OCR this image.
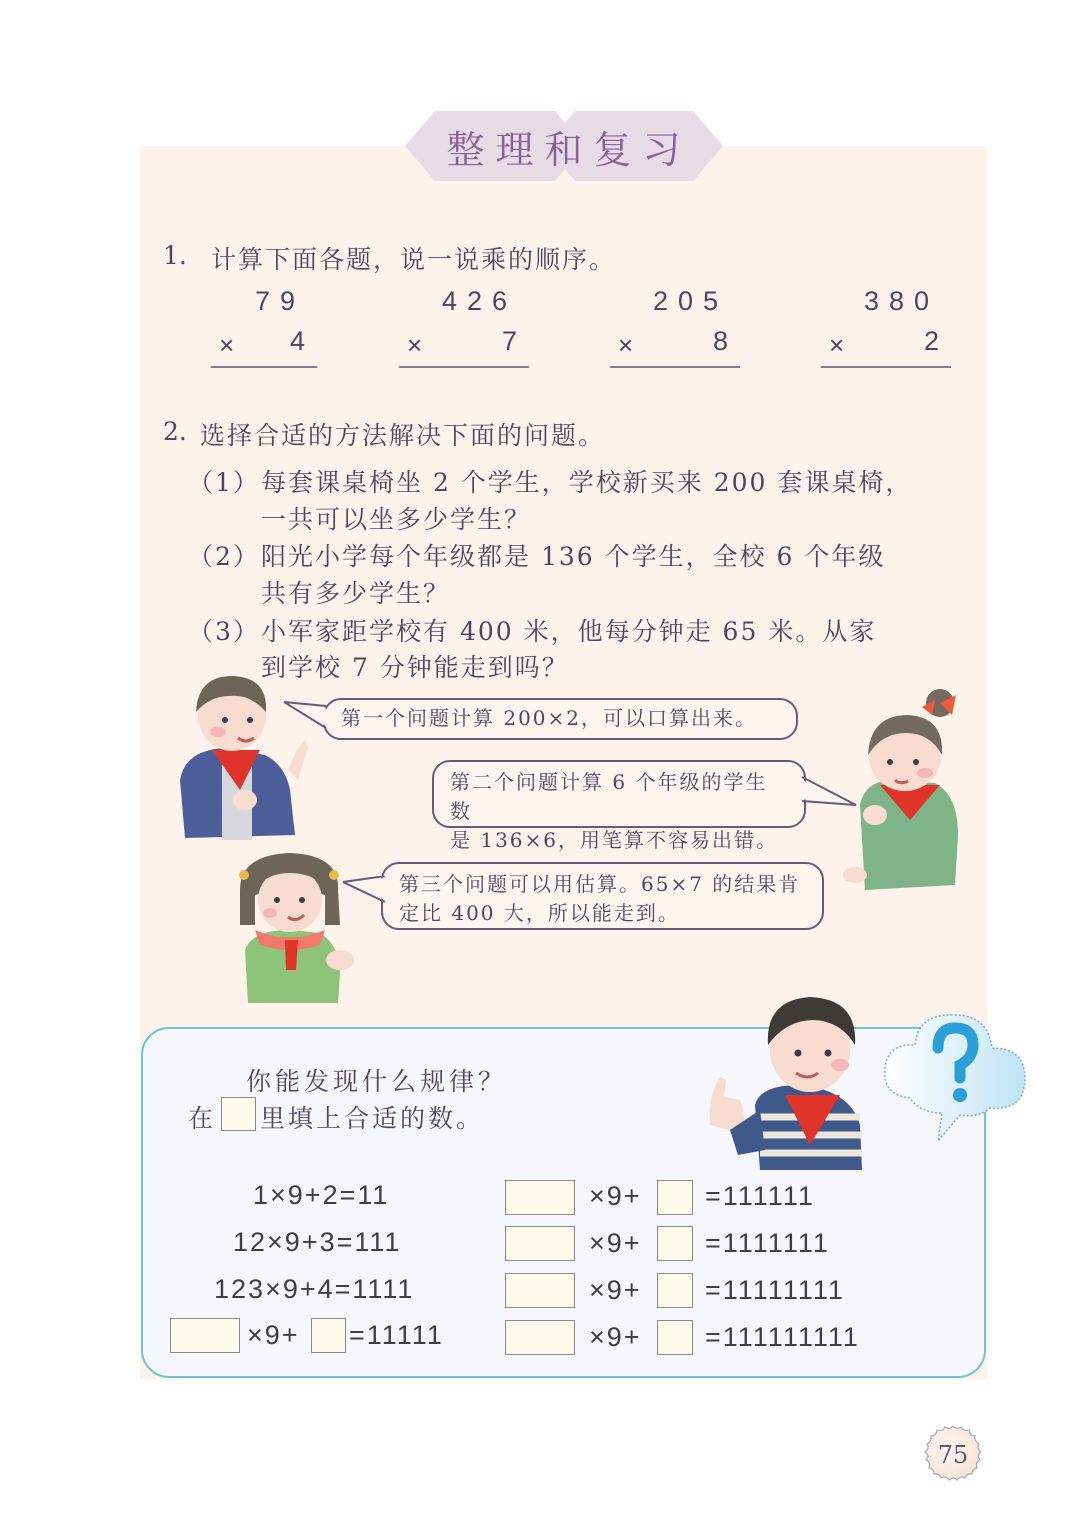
整理和复习
1. 计算下面各题，说一说乘的顺序。
79
× 4
426
×	7
205
×	8
380
×	2
2. 选择合适的方法解决下面的问题。
（1） 每套课桌椅坐 2 个学生，学校新买来 200 套课桌椅，
一共可以坐多少学生？
（2） 阳光小学每个年级都是 136 个学生，全校 6 个年级
共有多少学生？
（3） 小军家距学校有 400 米，他每分钟走 65 米。从家
到学校 7 分钟能走到吗？
第一个问题计算 200×2，可以口算出来。
第二个问题计算 6 个年级的学生数
是 136×6，用笔算不容易出错。
第三个问题可以用估算。65×7 的结果肯
定比 400 大，所以能走到。
你能发现什么规律？
在 里填上合适的数。
1×9+2=11
12×9+3=111
123×9+4=1111
×9+ =11111
×9+ =111111
×9+ =1111111
×9+ =11111111
×9+ =111111111
75
